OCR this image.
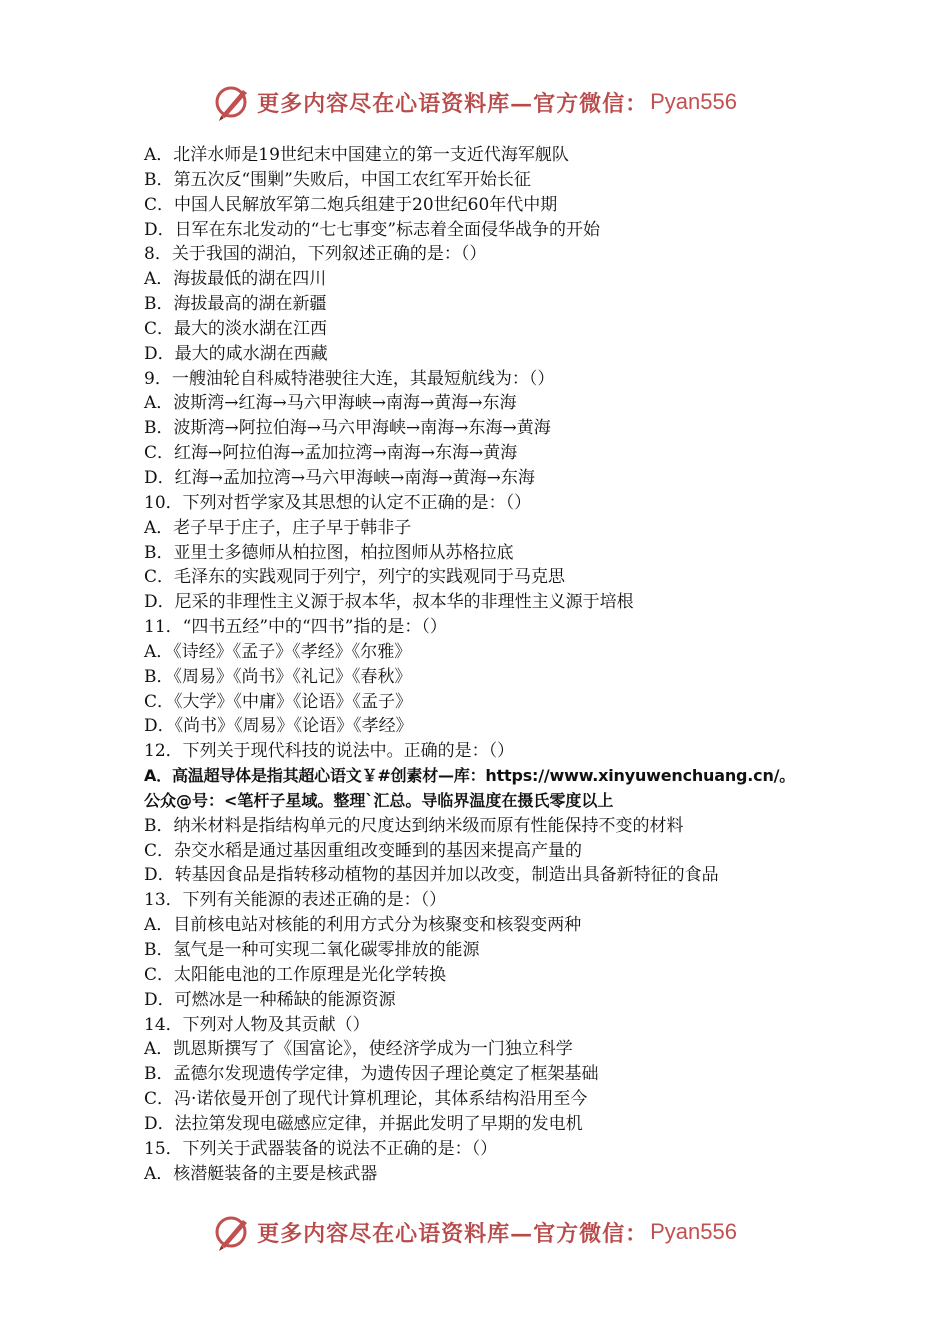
更多内容尽在心语资料库—官方微信： Pyan556
A．北洋水师是19世纪末中国建立的第一支近代海军舰队
B．第五次反“围剿”失败后，中国工农红军开始长征
C．中国人民解放军第二炮兵组建于20世纪60年代中期
D．日军在东北发动的“七七事变”标志着全面侵华战争的开始
8．关于我国的湖泊，下列叙述正确的是：（）
A．海拔最低的湖在四川
B．海拔最高的湖在新疆
C．最大的淡水湖在江西
D．最大的咸水湖在西藏
9．一艘油轮自科威特港驶往大连，其最短航线为：（）
A．波斯湾→红海→马六甲海峡→南海→黄海→东海
B．波斯湾→阿拉伯海→马六甲海峡→南海→东海→黄海
C．红海→阿拉伯海→孟加拉湾→南海→东海→黄海
D．红海→孟加拉湾→马六甲海峡→南海→黄海→东海
10．下列对哲学家及其思想的认定不正确的是：（）
A．老子早于庄子，庄子早于韩非子
B．亚里士多德师从柏拉图，柏拉图师从苏格拉底
C．毛泽东的实践观同于列宁，列宁的实践观同于马克思
D．尼采的非理性主义源于叔本华，叔本华的非理性主义源于培根
11．“四书五经”中的“四书”指的是：（）
A．《诗经》《孟子》《孝经》《尔雅》
B．《周易》《尚书》《礼记》《春秋》
C．《大学》《中庸》《论语》《孟子》
D．《尚书》《周易》《论语》《孝经》
12．下列关于现代科技的说法中。正确的是：（）
A．高温超导体是指其超心语文￥#创素材—库：https://www.xinyuwenchuang.cn/。
公众@号：<笔杆子星域。整理`汇总。导临界温度在摄氏零度以上
B．纳米材料是指结构单元的尺度达到纳米级而原有性能保持不变的材料
C．杂交水稻是通过基因重组改变睡到的基因来提高产量的
D．转基因食品是指转移动植物的基因并加以改变，制造出具备新特征的食品
13．下列有关能源的表述正确的是：（）
A．目前核电站对核能的利用方式分为核聚变和核裂变两种
B．氢气是一种可实现二氧化碳零排放的能源
C．太阳能电池的工作原理是光化学转换
D．可燃冰是一种稀缺的能源资源
14．下列对人物及其贡献（）
A．凯恩斯撰写了《国富论》，使经济学成为一门独立科学
B．孟德尔发现遗传学定律，为遗传因子理论奠定了框架基础
C．冯·诺依曼开创了现代计算机理论，其体系结构沿用至今
D．法拉第发现电磁感应定律，并据此发明了早期的发电机
15．下列关于武器装备的说法不正确的是：（）
A．核潜艇装备的主要是核武器
更多内容尽在心语资料库—官方微信： Pyan556
